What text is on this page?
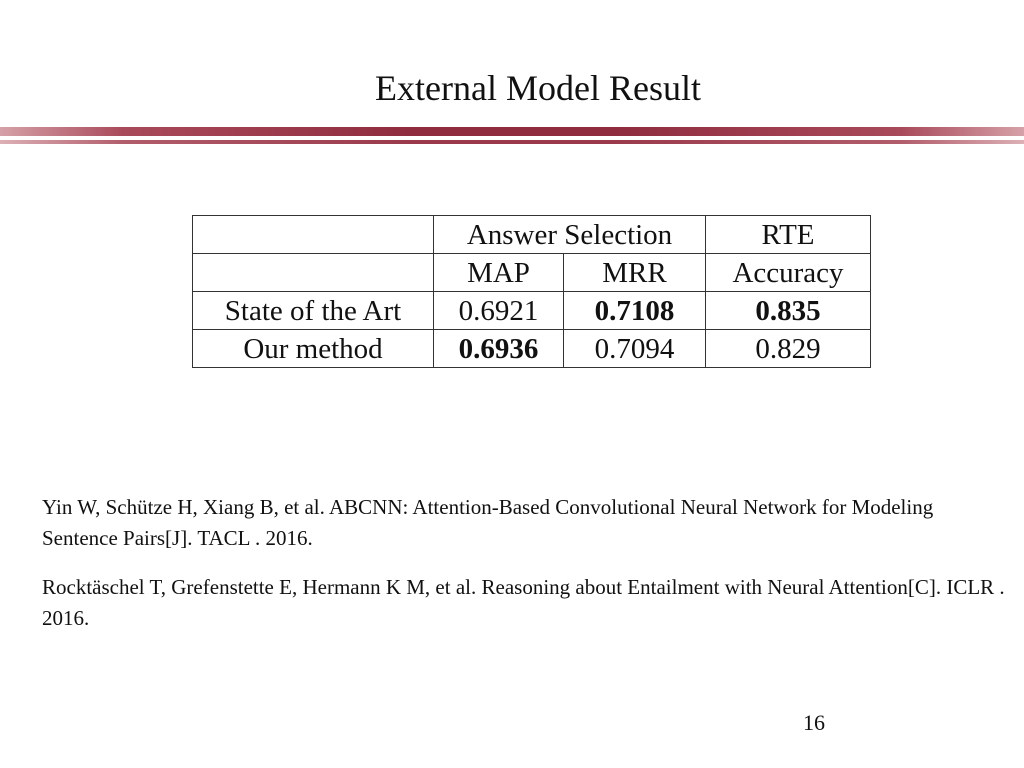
External Model Result
	Answer Selection		RTE
	MAP	MRR	Accuracy
State of the Art	0.6921	0.7108	0.835
Our method	0.6936	0.7094	0.829

Yin W, Schütze H, Xiang B, et al. ABCNN: Attention-Based Convolutional Neural Network for Modeling Sentence Pairs[J]. TACL . 2016.

Rocktäschel T, Grefenstette E, Hermann K M, et al. Reasoning about Entailment with Neural Attention[C]. ICLR . 2016.

16
